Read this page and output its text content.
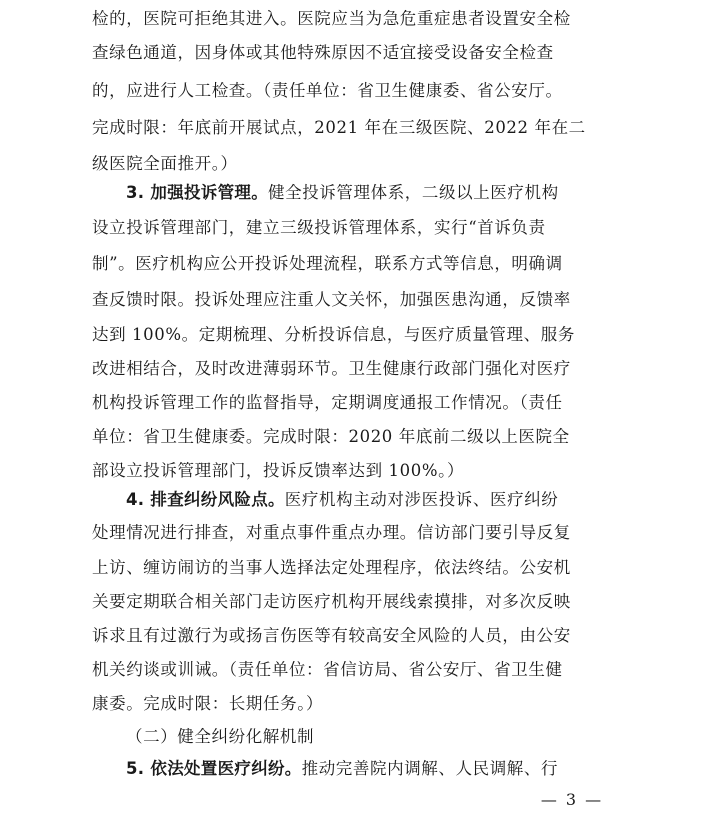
检的，医院可拒绝其进入。医院应当为急危重症患者设置安全检
查绿色通道，因身体或其他特殊原因不适宜接受设备安全检查
的，应进行人工检查。（责任单位：省卫生健康委、省公安厅。
完成时限：年底前开展试点，2021 年在三级医院、2022 年在二
级医院全面推开。）
3. 加强投诉管理。健全投诉管理体系，二级以上医疗机构
设立投诉管理部门，建立三级投诉管理体系，实行“首诉负责
制”。医疗机构应公开投诉处理流程，联系方式等信息，明确调
查反馈时限。投诉处理应注重人文关怀，加强医患沟通，反馈率
达到 100%。定期梳理、分析投诉信息，与医疗质量管理、服务
改进相结合，及时改进薄弱环节。卫生健康行政部门强化对医疗
机构投诉管理工作的监督指导，定期调度通报工作情况。（责任
单位：省卫生健康委。完成时限：2020 年底前二级以上医院全
部设立投诉管理部门，投诉反馈率达到 100%。）
4. 排查纠纷风险点。医疗机构主动对涉医投诉、医疗纠纷
处理情况进行排查，对重点事件重点办理。信访部门要引导反复
上访、缠访闹访的当事人选择法定处理程序，依法终结。公安机
关要定期联合相关部门走访医疗机构开展线索摸排，对多次反映
诉求且有过激行为或扬言伤医等有较高安全风险的人员，由公安
机关约谈或训诫。（责任单位：省信访局、省公安厅、省卫生健
康委。完成时限：长期任务。）
（二）健全纠纷化解机制
5. 依法处置医疗纠纷。推动完善院内调解、人民调解、行
— 3 —
